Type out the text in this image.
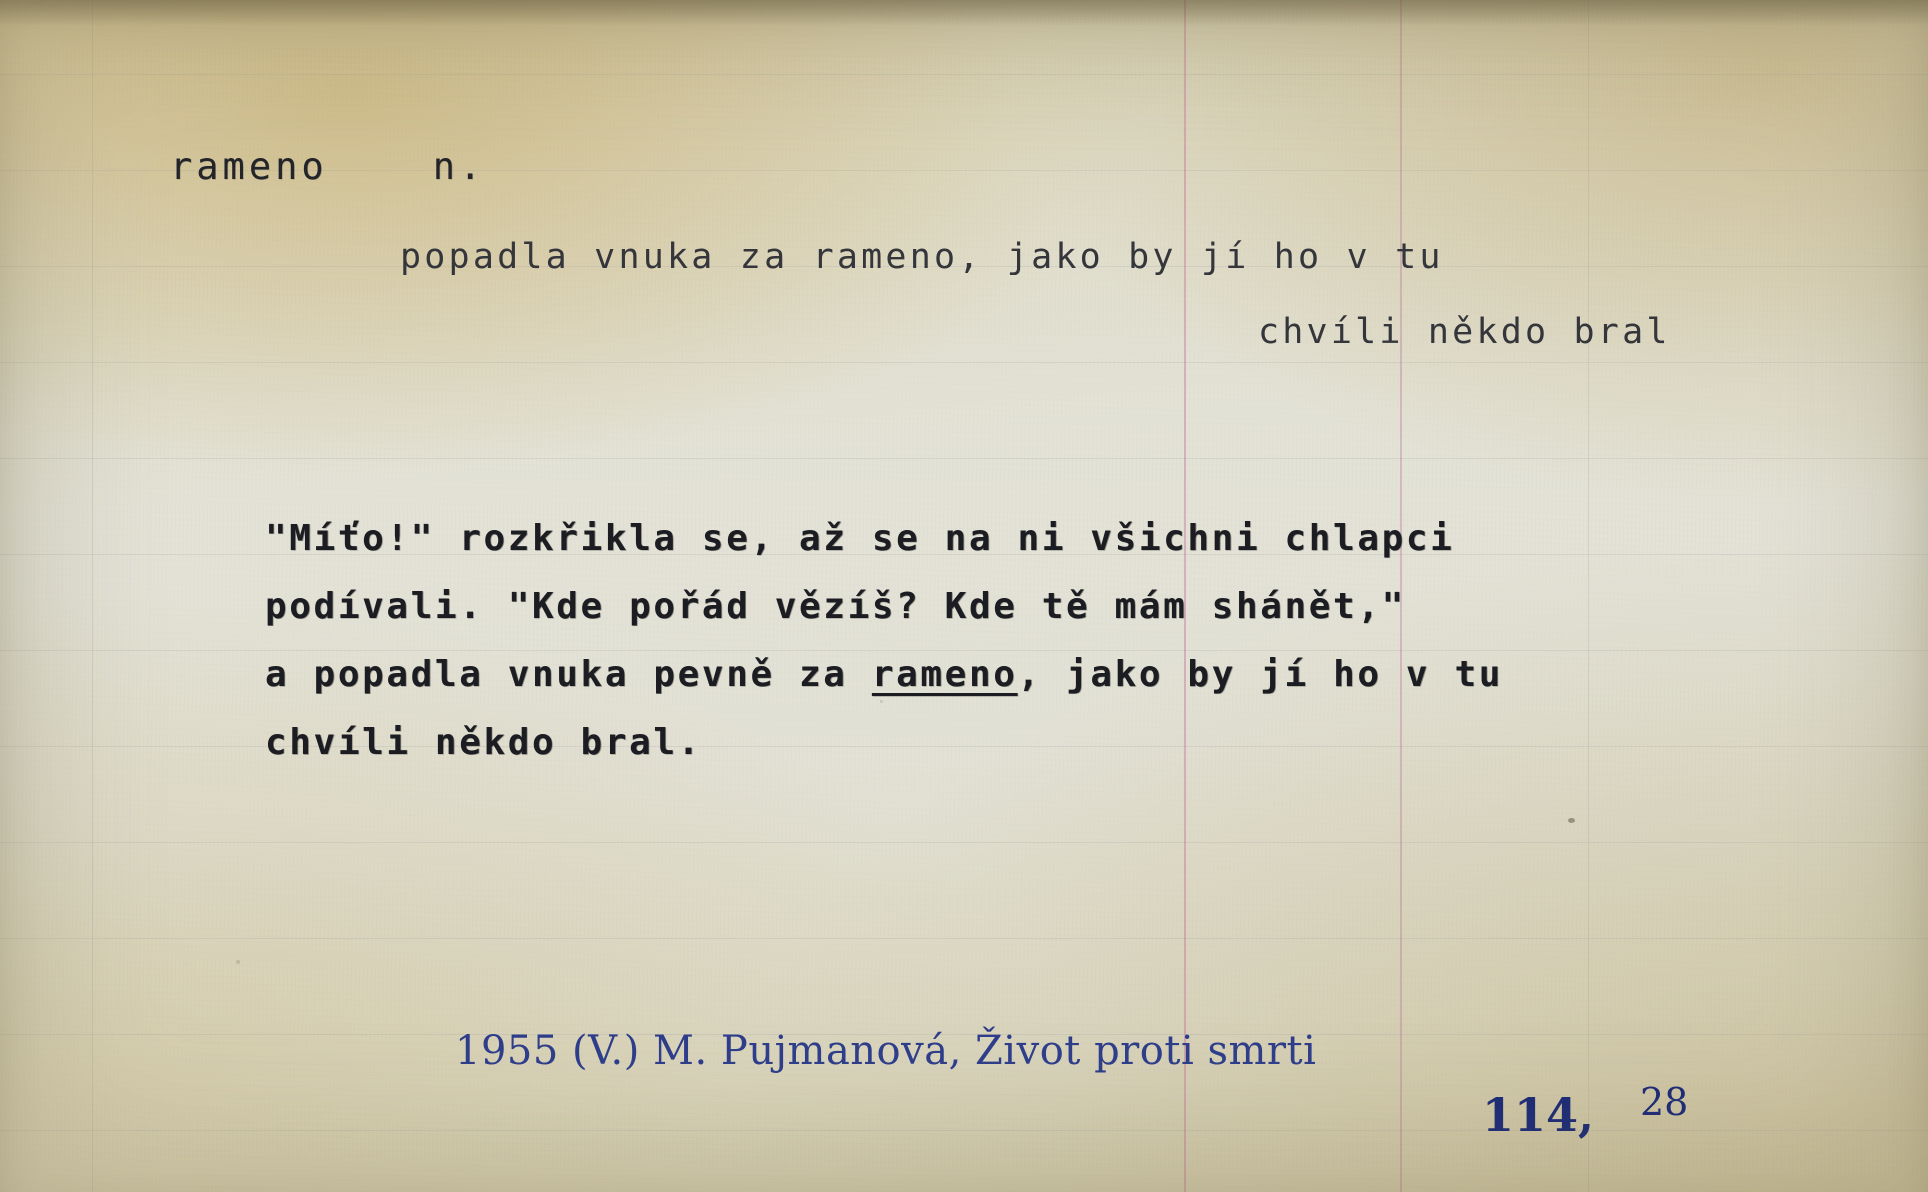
rameno    n.
popadla vnuka za rameno, jako by jí ho v tu
chvíli někdo bral
"Míťo!" rozkřikla se, až se na ni všichni chlapci
podívali. "Kde pořád vězíš? Kde tě mám shánět,"
a popadla vnuka pevně za rameno, jako by jí ho v tu
chvíli někdo bral.
1955 (V.) M. Pujmanová, Život proti smrti
114, 28
